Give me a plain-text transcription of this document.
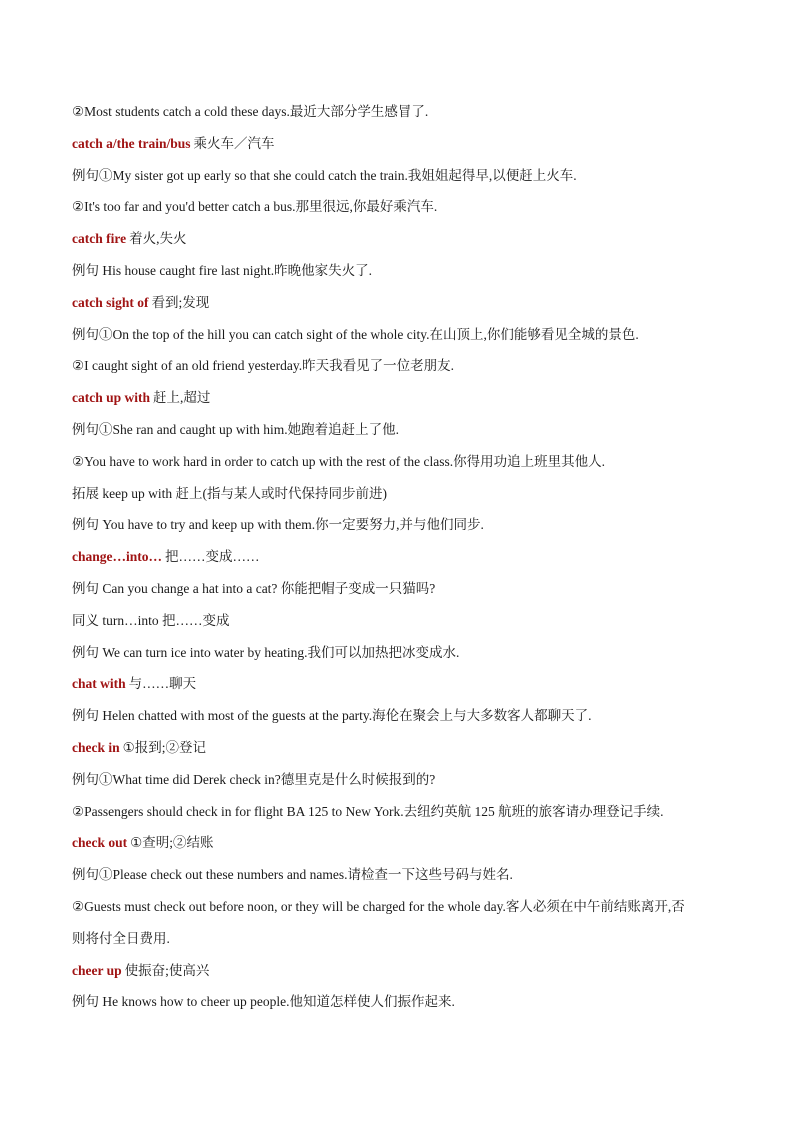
②Most students catch a cold these days.最近大部分学生感冒了.
catch a/the train/bus 乘火车／汽车
例句①My sister got up early so that she could catch the train.我姐姐起得早,以便赶上火车.
②It's too far and you'd better catch a bus.那里很远,你最好乘汽车.
catch fire 着火,失火
例句 His house caught fire last night.昨晚他家失火了.
catch sight of 看到;发现
例句①On the top of the hill you can catch sight of the whole city.在山顶上,你们能够看见全城的景色.
②I caught sight of an old friend yesterday.昨天我看见了一位老朋友.
catch up with 赶上,超过
例句①She ran and caught up with him.她跑着追赶上了他.
②You have to work hard in order to catch up with the rest of the class.你得用功追上班里其他人.
拓展 keep up with 赶上(指与某人或时代保持同步前进)
例句 You have to try and keep up with them.你一定要努力,并与他们同步.
change…into… 把……变成……
例句 Can you change a hat into a cat? 你能把帽子变成一只猫吗?
同义 turn…into 把……变成
例句 We can turn ice into water by heating.我们可以加热把冰变成水.
chat with 与……聊天
例句 Helen chatted with most of the guests at the party.海伦在聚会上与大多数客人都聊天了.
check in ①报到;②登记
例句①What time did Derek check in?德里克是什么时候报到的?
②Passengers should check in for flight BA 125 to New York.去纽约英航 125 航班的旅客请办理登记手续.
check out ①查明;②结账
例句①Please check out these numbers and names.请检查一下这些号码与姓名.
②Guests must check out before noon, or they will be charged for the whole day.客人必须在中午前结账离开,否
则将付全日费用.
cheer up 使振奋;使高兴
例句 He knows how to cheer up people.他知道怎样使人们振作起来.
